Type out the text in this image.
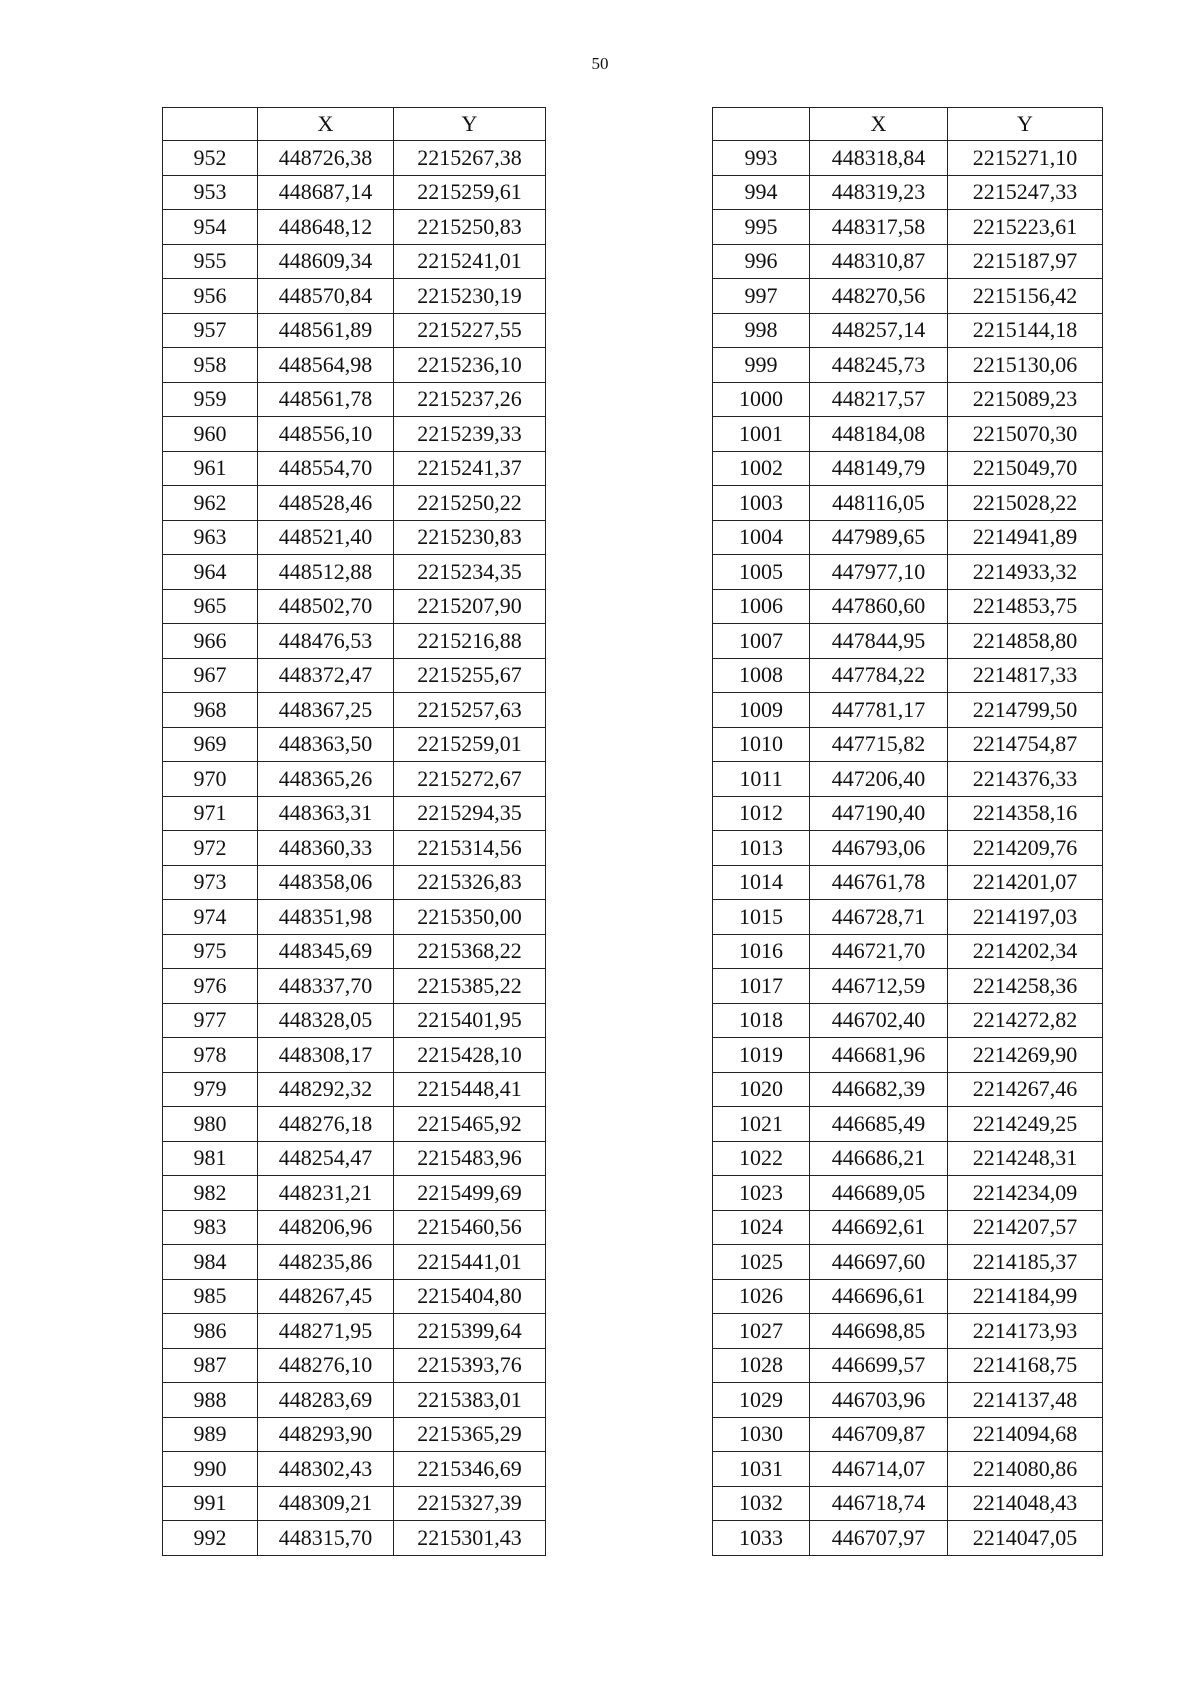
50
	X	Y
952	448726,38	2215267,38
953	448687,14	2215259,61
954	448648,12	2215250,83
955	448609,34	2215241,01
956	448570,84	2215230,19
957	448561,89	2215227,55
958	448564,98	2215236,10
959	448561,78	2215237,26
960	448556,10	2215239,33
961	448554,70	2215241,37
962	448528,46	2215250,22
963	448521,40	2215230,83
964	448512,88	2215234,35
965	448502,70	2215207,90
966	448476,53	2215216,88
967	448372,47	2215255,67
968	448367,25	2215257,63
969	448363,50	2215259,01
970	448365,26	2215272,67
971	448363,31	2215294,35
972	448360,33	2215314,56
973	448358,06	2215326,83
974	448351,98	2215350,00
975	448345,69	2215368,22
976	448337,70	2215385,22
977	448328,05	2215401,95
978	448308,17	2215428,10
979	448292,32	2215448,41
980	448276,18	2215465,92
981	448254,47	2215483,96
982	448231,21	2215499,69
983	448206,96	2215460,56
984	448235,86	2215441,01
985	448267,45	2215404,80
986	448271,95	2215399,64
987	448276,10	2215393,76
988	448283,69	2215383,01
989	448293,90	2215365,29
990	448302,43	2215346,69
991	448309,21	2215327,39
992	448315,70	2215301,43
	X	Y
993	448318,84	2215271,10
994	448319,23	2215247,33
995	448317,58	2215223,61
996	448310,87	2215187,97
997	448270,56	2215156,42
998	448257,14	2215144,18
999	448245,73	2215130,06
1000	448217,57	2215089,23
1001	448184,08	2215070,30
1002	448149,79	2215049,70
1003	448116,05	2215028,22
1004	447989,65	2214941,89
1005	447977,10	2214933,32
1006	447860,60	2214853,75
1007	447844,95	2214858,80
1008	447784,22	2214817,33
1009	447781,17	2214799,50
1010	447715,82	2214754,87
1011	447206,40	2214376,33
1012	447190,40	2214358,16
1013	446793,06	2214209,76
1014	446761,78	2214201,07
1015	446728,71	2214197,03
1016	446721,70	2214202,34
1017	446712,59	2214258,36
1018	446702,40	2214272,82
1019	446681,96	2214269,90
1020	446682,39	2214267,46
1021	446685,49	2214249,25
1022	446686,21	2214248,31
1023	446689,05	2214234,09
1024	446692,61	2214207,57
1025	446697,60	2214185,37
1026	446696,61	2214184,99
1027	446698,85	2214173,93
1028	446699,57	2214168,75
1029	446703,96	2214137,48
1030	446709,87	2214094,68
1031	446714,07	2214080,86
1032	446718,74	2214048,43
1033	446707,97	2214047,05
